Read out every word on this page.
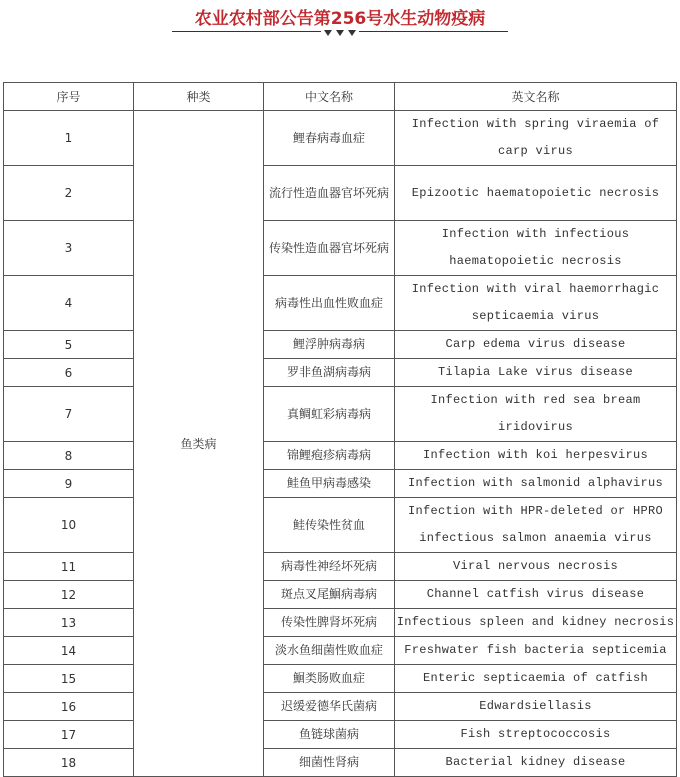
农业农村部公告第256号水生动物疫病
序号	种类	中文名称	英文名称
1	鱼类病	鲤春病毒血症	Infection with spring viraemia of carp virus
2		流行性造血器官坏死病	Epizootic haematopoietic necrosis
3		传染性造血器官坏死病	Infection with infectious haematopoietic necrosis
4		病毒性出血性败血症	Infection with viral haemorrhagic septicaemia virus
5		鲤浮肿病毒病	Carp edema virus disease
6		罗非鱼湖病毒病	Tilapia Lake virus disease
7		真鲷虹彩病毒病	Infection with red sea bream iridovirus
8		锦鲤疱疹病毒病	Infection with koi herpesvirus
9		鲑鱼甲病毒感染	Infection with salmonid alphavirus
10		鲑传染性贫血	Infection with HPR-deleted or HPRO infectious salmon anaemia virus
11		病毒性神经坏死病	Viral nervous necrosis
12		斑点叉尾鮰病毒病	Channel catfish virus disease
13		传染性脾肾坏死病	Infectious spleen and kidney necrosis
14		淡水鱼细菌性败血症	Freshwater fish bacteria septicemia
15		鮰类肠败血症	Enteric septicaemia of catfish
16		迟缓爱德华氏菌病	Edwardsiellasis
17		鱼链球菌病	Fish streptococcosis
18		细菌性肾病	Bacterial kidney disease
